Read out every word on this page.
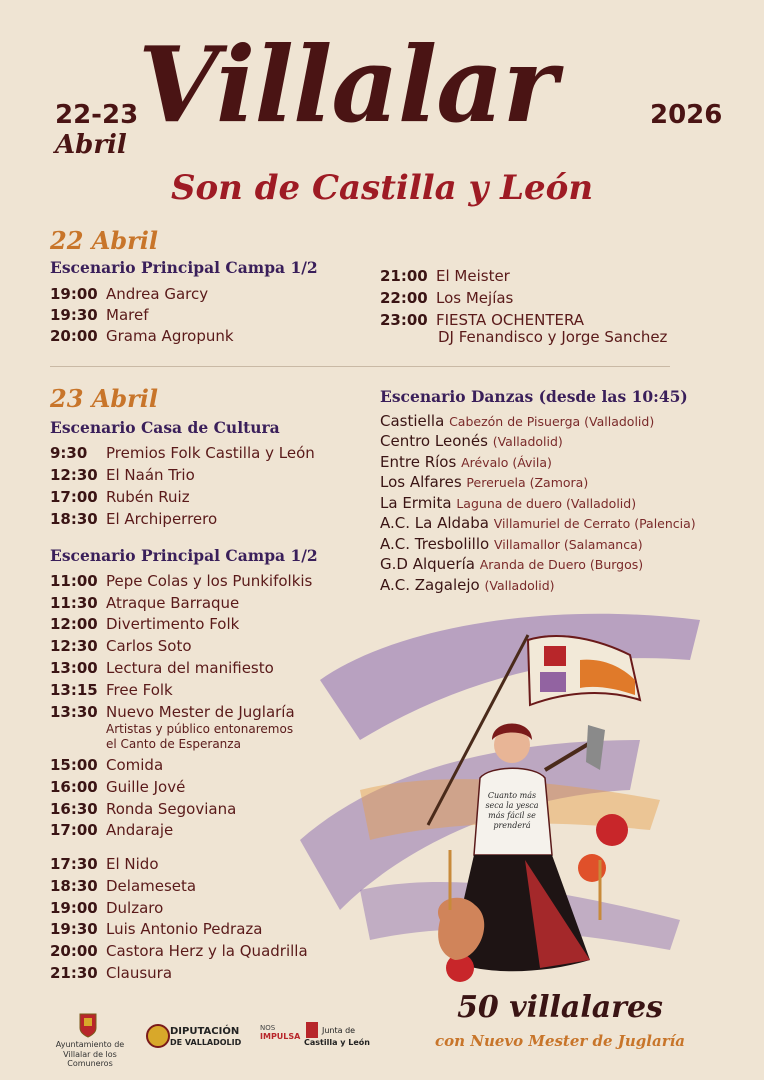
22-23
Abril Villalar	2026
Son de Castilla y León
22 Abril
Escenario Principal Campa 1/2
19:00 Andrea Garcy
19:30 Maref
20:00 Grama Agropunk
21:00 El Meister
22:00 Los Mejías
23:00 FIESTA OCHENTERA
DJ Fenandisco y Jorge Sanchez
23 Abril
Escenario Casa de Cultura
9:30 Premios Folk Castilla y León
12:30 El Naán Trio
17:00 Rubén Ruiz
18:30 El Archiperrero
Escenario Principal Campa 1/2
11:00 Pepe Colas y los Punkifolkis
11:30 Atraque Barraque
12:00 Divertimento Folk
12:30 Carlos Soto
13:00 Lectura del manifiesto
13:15 Free Folk
13:30 Nuevo Mester de Juglaría
Artistas y público entonaremos
el Canto de Esperanza
15:00 Comida
16:00 Guille Jové
16:30 Ronda Segoviana
17:00 Andaraje
17:30 El Nido
18:30 Delameseta
19:00 Dulzaro
19:30 Luis Antonio Pedraza
20:00 Castora Herz y la Quadrilla
21:30 Clausura
Escenario Danzas (desde las 10:45)
Castiella Cabezón de Pisuerga (Valladolid)
Centro Leonés (Valladolid)
Entre Ríos Arévalo (Ávila)
Los Alfares Pereruela (Zamora)
La Ermita Laguna de duero (Valladolid)
A.C. La Aldaba Villamuriel de Cerrato (Palencia)
A.C. Tresbolillo Villamallor (Salamanca)
G.D Alquería Aranda de Duero (Burgos)
A.C. Zagalejo (Valladolid)
Cuanto más
seca la yesca
más fácil se
prenderá
50 villalares
con Nuevo Mester de Juglaría
Ayuntamiento de
Villalar de los Comuneros
DIPUTACIÓN
DE VALLADOLID
NOS
IMPULSA
Junta de
Castilla y León
